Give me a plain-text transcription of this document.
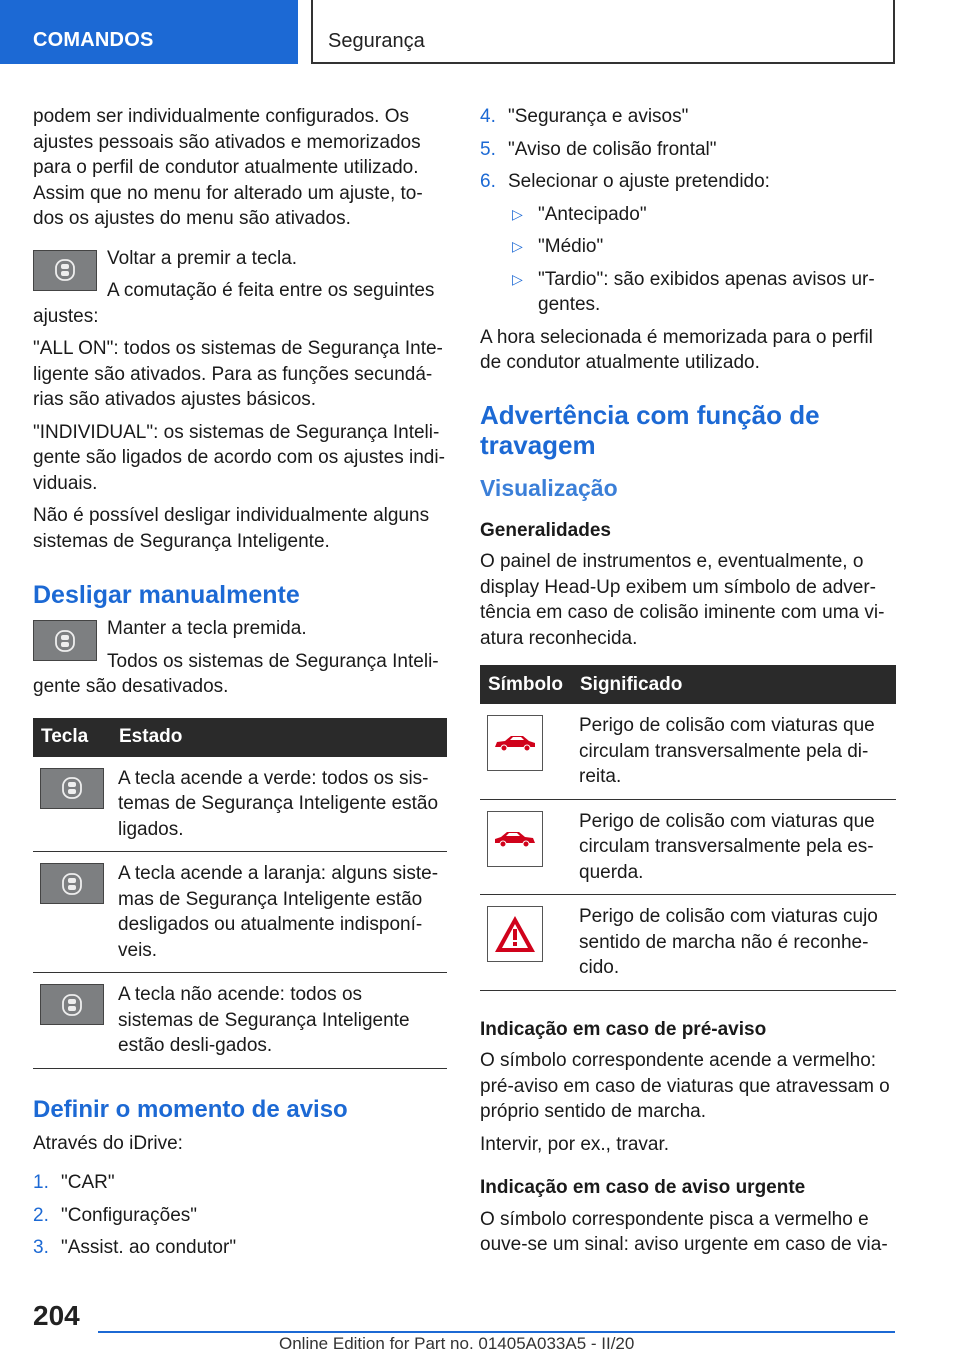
COMANDOS	Segurança

podem ser individualmente configurados. Os ajustes pessoais são ativados e memorizados para o perfil de condutor atualmente utilizado. Assim que no menu for alterado um ajuste, to-dos os ajustes do menu são ativados.

Voltar a premir a tecla.

A comutação é feita entre os seguintes ajustes:

"ALL ON": todos os sistemas de Segurança Inte-ligente são ativados. Para as funções secundá-rias são ativados ajustes básicos.

"INDIVIDUAL": os sistemas de Segurança Inteli-gente são ligados de acordo com os ajustes indi-viduais.

Não é possível desligar individualmente alguns sistemas de Segurança Inteligente.

Desligar manualmente

Manter a tecla premida.

Todos os sistemas de Segurança Inteli-gente são desativados.

Tecla	Estado

	A tecla acende a verde: todos os sis-temas de Segurança Inteligente estão ligados.

	A tecla acende a laranja: alguns siste-mas de Segurança Inteligente estão desligados ou atualmente indisponí-veis.

	A tecla não acende: todos os sistemas de Segurança Inteligente estão desli-gados.
Definir o momento de aviso

Através do iDrive:

1. "CAR"
2. "Configurações"
3. "Assist. ao condutor"
4. "Segurança e avisos"
5. "Aviso de colisão frontal"
6. Selecionar o ajuste pretendido:
▷ "Antecipado"
▷ "Médio"
▷ "Tardio": são exibidos apenas avisos ur-gentes.

A hora selecionada é memorizada para o perfil de condutor atualmente utilizado.

Advertência com função de travagem
Visualização
Generalidades

O painel de instrumentos e, eventualmente, o display Head-Up exibem um símbolo de adver-tência em caso de colisão iminente com uma vi-atura reconhecida.

Símbolo	Significado

	Perigo de colisão com viaturas que circulam transversalmente pela di-reita.

	Perigo de colisão com viaturas que circulam transversalmente pela es-querda.

	Perigo de colisão com viaturas cujo sentido de marcha não é reconhe-cido.
Indicação em caso de pré-aviso

O símbolo correspondente acende a vermelho: pré-aviso em caso de viaturas que atravessam o próprio sentido de marcha.

Intervir, por ex., travar.

Indicação em caso de aviso urgente

O símbolo correspondente pisca a vermelho e ouve-se um sinal: aviso urgente em caso de via-

204
Online Edition for Part no. 01405A033A5 - II/20
